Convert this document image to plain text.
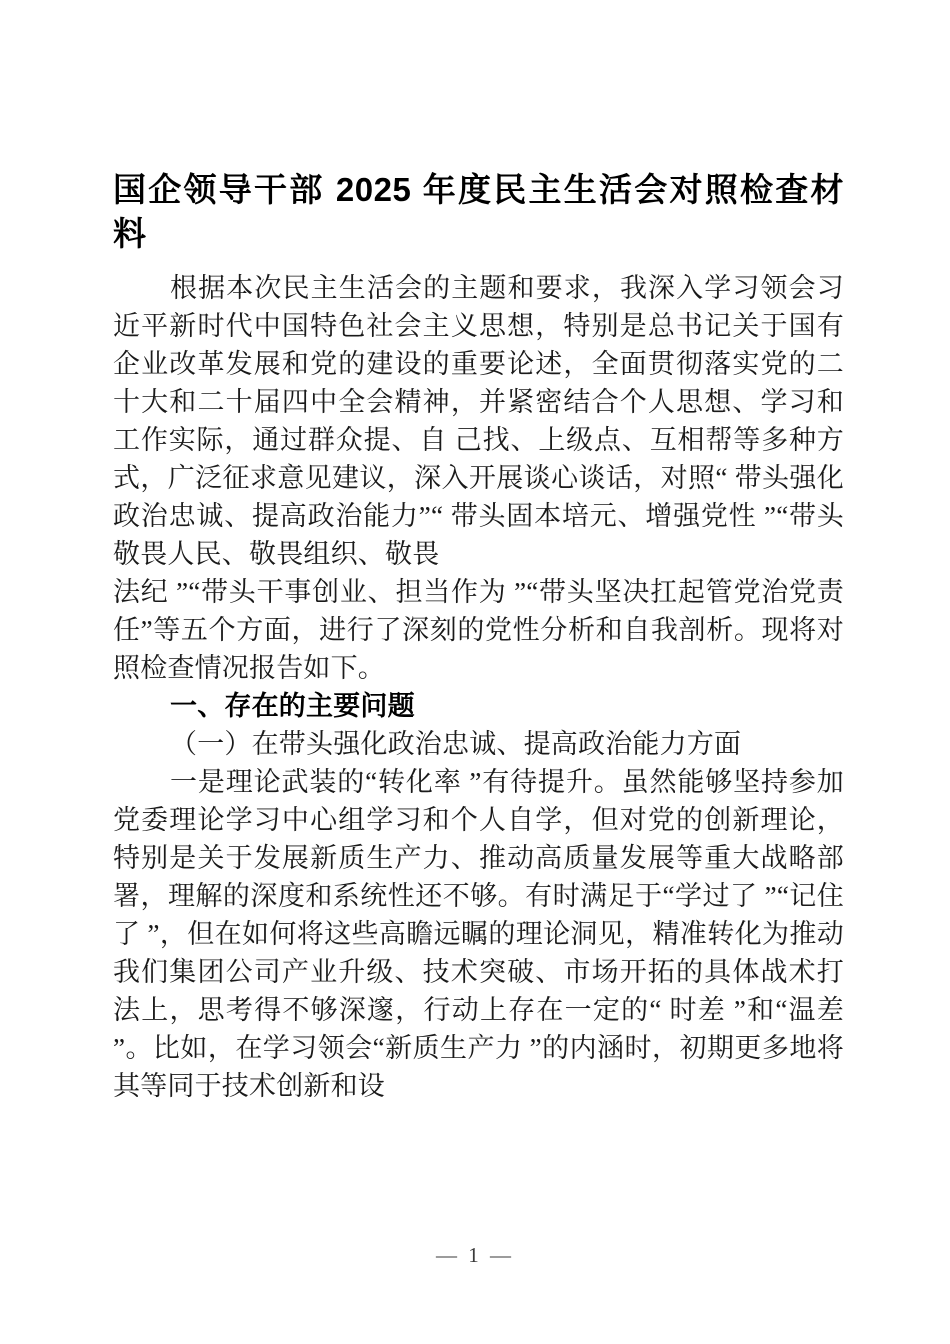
国企领导干部 2025 年度民主生活会对照检查材料

根据本次民主生活会的主题和要求，我深入学习领会习近平新时代中国特色社会主义思想，特别是总书记关于国有企业改革发展和党的建设的重要论述，全面贯彻落实党的二十大和二十届四中全会精神，并紧密结合个人思想、学习和工作实际，通过群众提、自 己找、上级点、互相帮等多种方式，广泛征求意见建议，深入开展谈心谈话，对照“ 带头强化政治忠诚、提高政治能力”“ 带头固本培元、增强党性 ”“带头敬畏人民、敬畏组织、敬畏

法纪 ”“带头干事创业、担当作为 ”“带头坚决扛起管党治党责任”等五个方面，进行了深刻的党性分析和自我剖析。现将对照检查情况报告如下。

一、存在的主要问题
（一）在带头强化政治忠诚、提高政治能力方面

一是理论武装的“转化率 ”有待提升。虽然能够坚持参加党委理论学习中心组学习和个人自学，但对党的创新理论，特别是关于发展新质生产力、推动高质量发展等重大战略部署，理解的深度和系统性还不够。有时满足于“学过了 ”“记住了 ”，但在如何将这些高瞻远瞩的理论洞见，精准转化为推动我们集团公司产业升级、技术突破、市场开拓的具体战术打法上，思考得不够深邃，行动上存在一定的“ 时差 ”和“温差 ”。比如，在学习领会“新质生产力 ”的内涵时，初期更多地将其等同于技术创新和设

— 1 —
